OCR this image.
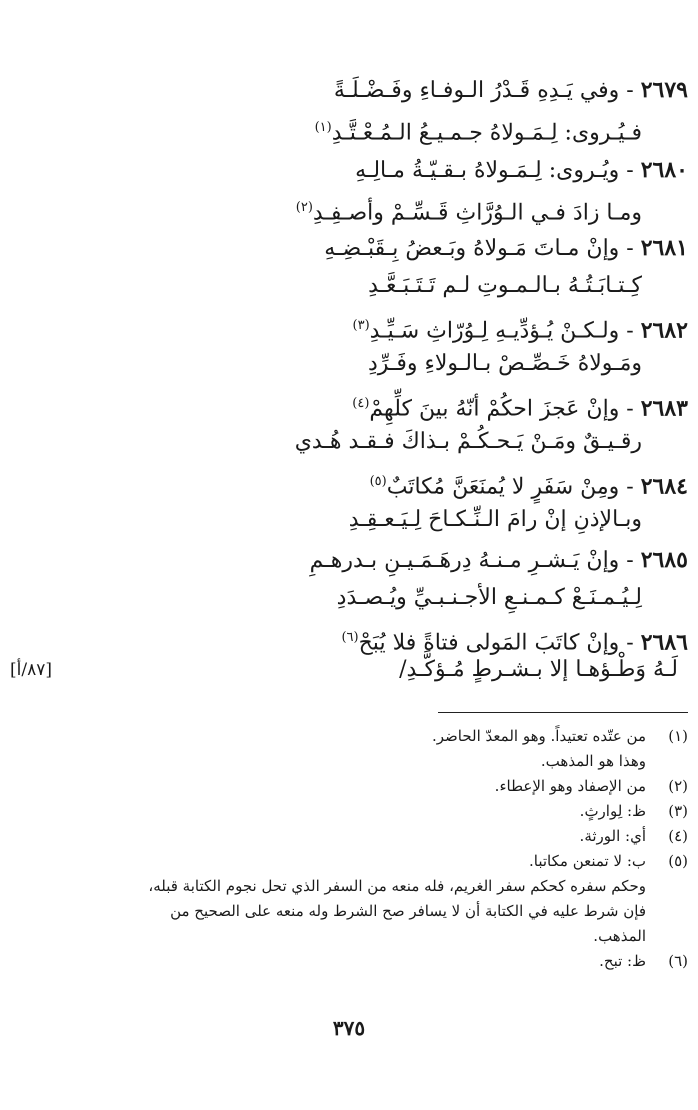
٢٦٧٩ - وفي يَـدِهِ قَـدْرُ الـوفـاءِ وفَـضْـلَـةً
فـيُـروى: لِـمَـولاهُ جـمـيـعُ الـمُـعْـتَّـدِ$^{(١)}$
٢٦٨٠ - ويُـروى: لِـمَـولاهُ بـقـيّـةُ مـالِـهِ
ومـا زادَ فـي الـوُرَّاثِ قَـسِّـمْ وأصـفِـدِ$^{(٢)}$
٢٦٨١ - وإنْ مـاتَ مَـولاهُ وبَـعضُ بِـقَبْـضِـهِ
كِـتـابَـتُـهُ بـالـمـوتِ لـم تَـتَـبَـعَّـدِ
٢٦٨٢ - ولـكـنْ يُـؤدِّيـهِ لِـوُرّاثِ سَـيِّـدِ$^{(٣)}$
ومَـولاهُ خَـصِّـصْ بـالـولاءِ وفَـرِّدِ
٢٦٨٣ - وإنْ عَجزَ احكُمْ أنّهُ بينَ كلِّهِمْ$^{(٤)}$
رقـيـقٌ ومَـنْ يَـحـكُـمْ بـذاكَ فـقـد هُـدي
٢٦٨٤ - ومِنْ سَفَرٍ لا يُمنَعَنَّ مُكاتَبٌ$^{(٥)}$
وبـالإذنِ إنْ رامَ الـنِّـكـاحَ لِـيَـعـقِـدِ
٢٦٨٥ - وإنْ يَـشـرِ مـنـهُ دِرهَـمَـيـنِ بـدرهـمِ
لِـيُـمـنَـعْ كـمـنـعِ الأجـنـبـيِّ ويُـصـدَدِ
٢٦٨٦ - وإنْ كاتَبَ المَولى فتاةً فلا يُبَحْ$^{(٦)}$
لَـهُ وَطْـؤهـا إلا بـشـرطٍ مُـؤكَّـدِ/
[٨٧/أ]
(١)
من عتّده تعتيداً. وهو المعدّ الحاضر.
وهذا هو المذهب.
(٢)
من الإصفاد وهو الإعطاء.
(٣)
ظ: لِوارثٍ.
(٤)
أي: الورثة.
(٥)
ب: لا تمنعن مكاتبا.
وحكم سفره كحكم سفر الغريم، فله منعه من السفر الذي تحل نجوم الكتابة قبله،
فإن شرط عليه في الكتابة أن لا يسافر صح الشرط وله منعه على الصحيح من
المذهب.
(٦)
ظ: تبح.
٣٧٥
